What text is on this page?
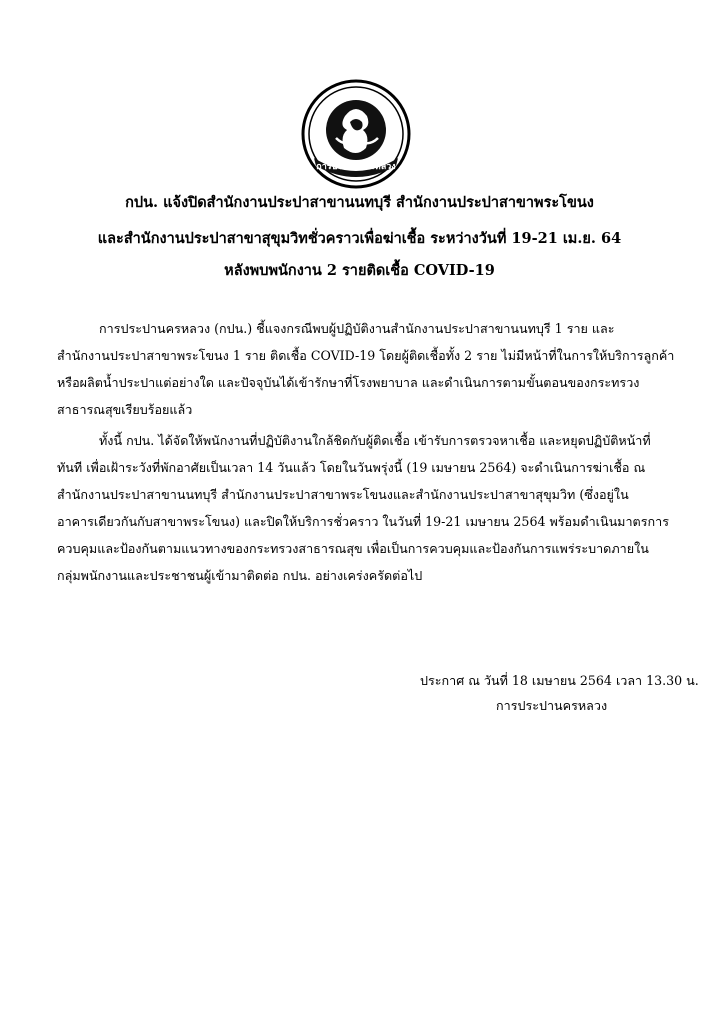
การประปานครหลวง
กปน. แจ้งปิดสำนักงานประปาสาขานนทบุรี สำนักงานประปาสาขาพระโขนง
และสำนักงานประปาสาขาสุขุมวิทชั่วคราวเพื่อฆ่าเชื้อ ระหว่างวันที่ 19-21 เม.ย. 64
หลังพบพนักงาน 2 รายติดเชื้อ COVID-19
การประปานครหลวง (กปน.) ชี้แจงกรณีพบผู้ปฏิบัติงานสำนักงานประปาสาขานนทบุรี 1 ราย และ
สำนักงานประปาสาขาพระโขนง 1 ราย ติดเชื้อ COVID-19 โดยผู้ติดเชื้อทั้ง 2 ราย ไม่มีหน้าที่ในการให้บริการลูกค้า
หรือผลิตน้ำประปาแต่อย่างใด และปัจจุบันได้เข้ารักษาที่โรงพยาบาล และดำเนินการตามขั้นตอนของกระทรวง
สาธารณสุขเรียบร้อยแล้ว
ทั้งนี้ กปน. ได้จัดให้พนักงานที่ปฏิบัติงานใกล้ชิดกับผู้ติดเชื้อ เข้ารับการตรวจหาเชื้อ และหยุดปฏิบัติหน้าที่
ทันที เพื่อเฝ้าระวังที่พักอาศัยเป็นเวลา 14 วันแล้ว โดยในวันพรุ่งนี้ (19 เมษายน 2564) จะดำเนินการฆ่าเชื้อ ณ
สำนักงานประปาสาขานนทบุรี สำนักงานประปาสาขาพระโขนงและสำนักงานประปาสาขาสุขุมวิท (ซึ่งอยู่ใน
อาคารเดียวกันกับสาขาพระโขนง) และปิดให้บริการชั่วคราว ในวันที่ 19-21 เมษายน 2564 พร้อมดำเนินมาตรการ
ควบคุมและป้องกันตามแนวทางของกระทรวงสาธารณสุข เพื่อเป็นการควบคุมและป้องกันการแพร่ระบาดภายใน
กลุ่มพนักงานและประชาชนผู้เข้ามาติดต่อ กปน. อย่างเคร่งครัดต่อไป
ประกาศ ณ วันที่ 18 เมษายน 2564 เวลา 13.30 น.
การประปานครหลวง
